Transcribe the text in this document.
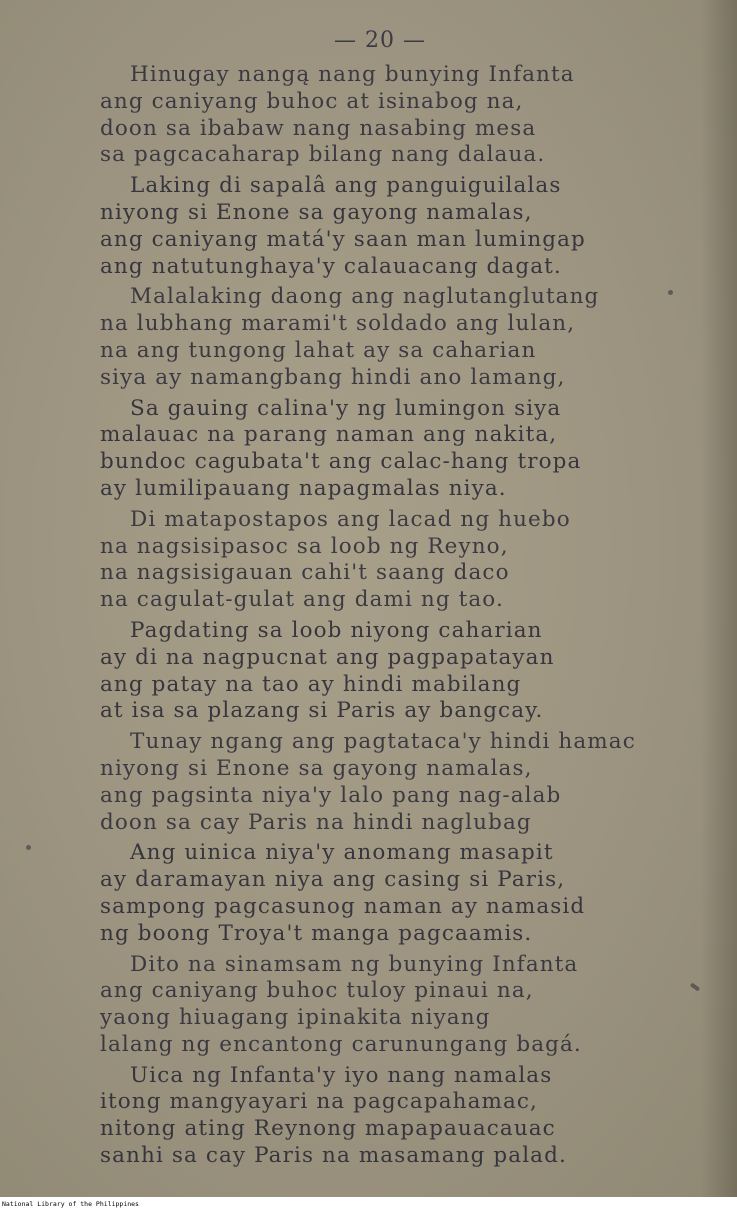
— 20 —
Hinugay nangą nang bunying Infanta
ang caniyang buhoc at isinabog na,
doon sa ibabaw nang nasabing mesa
sa pagcacaharap bilang nang dalaua.
Laking di sapalâ ang panguiguilalas
niyong si Enone sa gayong namalas,
ang caniyang matá'y saan man lumingap
ang natutunghaya'y calauacang dagat.
Malalaking daong ang naglutanglutang
na lubhang marami't soldado ang lulan,
na ang tungong lahat ay sa caharian
siya ay namangbang hindi ano lamang,
Sa gauing calina'y ng lumingon siya
malauac na parang naman ang nakita,
bundoc cagubata't ang calac-hang tropa
ay lumilipauang napagmalas niya.
Di matapostapos ang lacad ng huebo
na nagsisipasoc sa loob ng Reyno,
na nagsisigauan cahi't saang daco
na cagulat-gulat ang dami ng tao.
Pagdating sa loob niyong caharian
ay di na nagpucnat ang pagpapatayan
ang patay na tao ay hindi mabilang
at isa sa plazang si Paris ay bangcay.
Tunay ngang ang pagtataca'y hindi hamac
niyong si Enone sa gayong namalas,
ang pagsinta niya'y lalo pang nag-alab
doon sa cay Paris na hindi naglubag
Ang uinica niya'y anomang masapit
ay daramayan niya ang casing si Paris,
sampong pagcasunog naman ay namasid
ng boong Troya't manga pagcaamis.
Dito na sinamsam ng bunying Infanta
ang caniyang buhoc tuloy pinaui na,
yaong hiuagang ipinakita niyang
lalang ng encantong carunungang bagá.
Uica ng Infanta'y iyo nang namalas
itong mangyayari na pagcapahamac,
nitong ating Reynong mapapauacauac
sanhi sa cay Paris na masamang palad.
National Library of the Philippines
